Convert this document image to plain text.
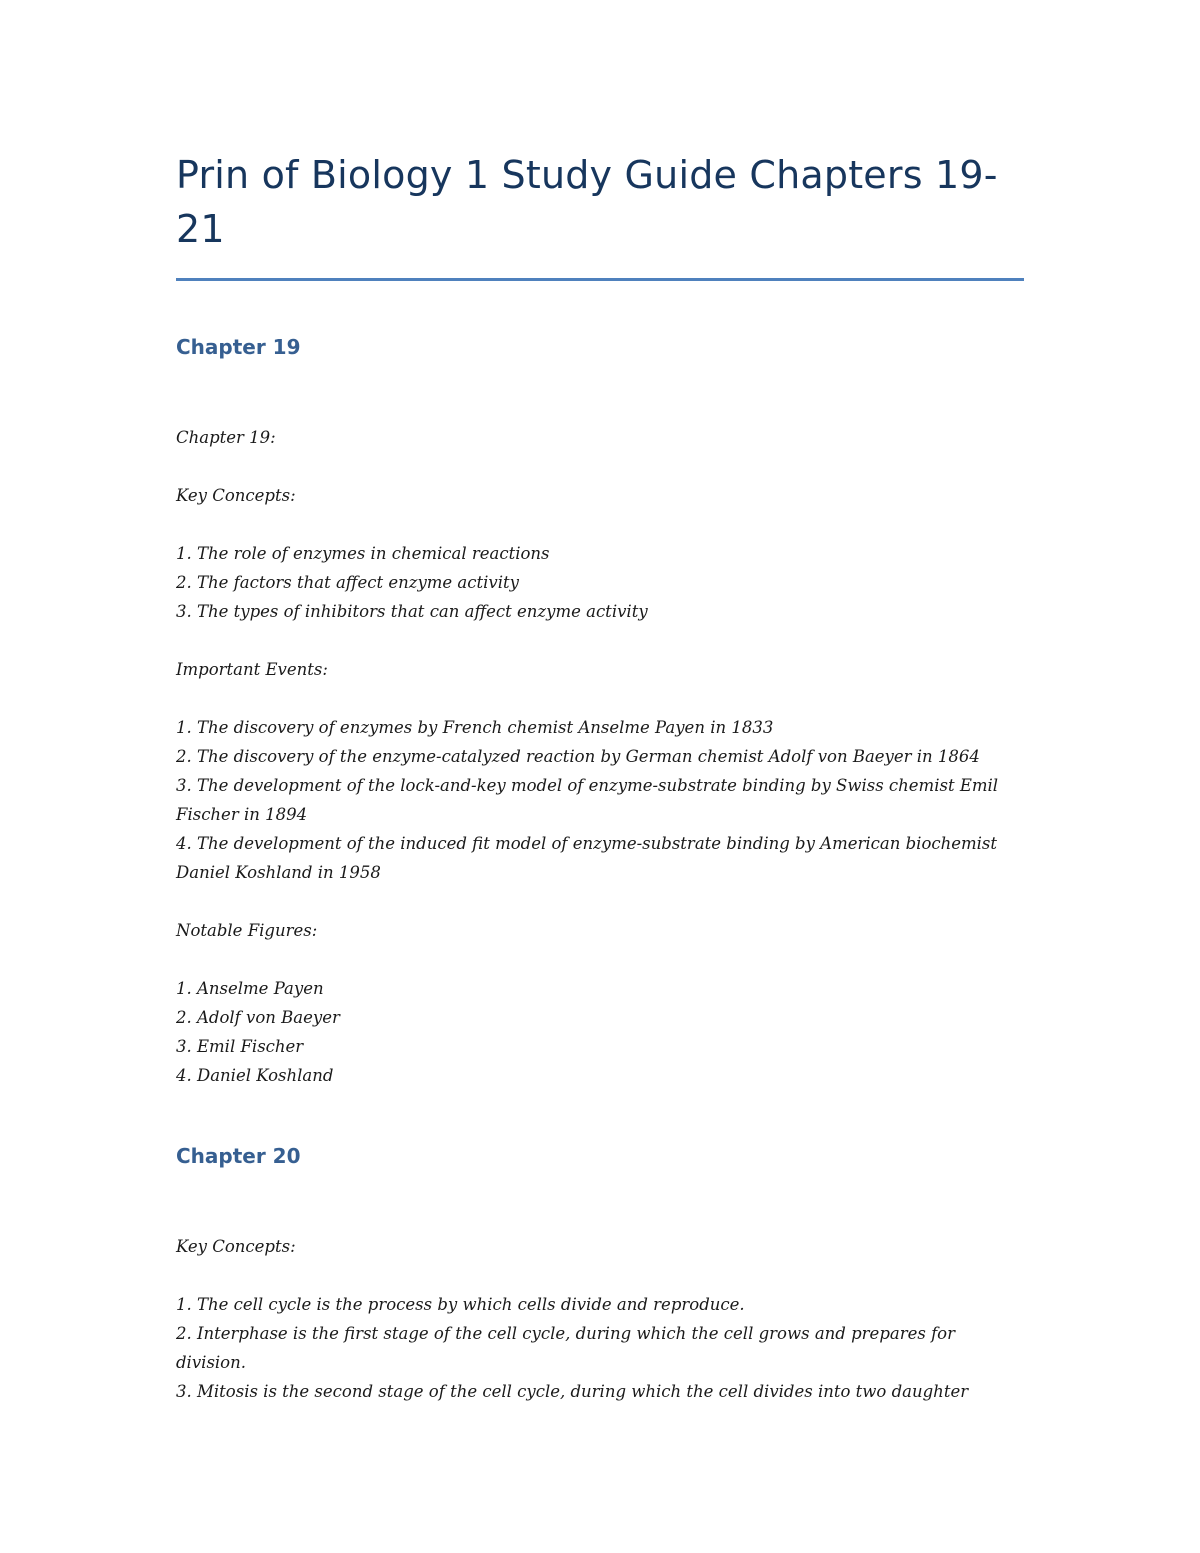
Prin of Biology 1 Study Guide Chapters 19-21
Chapter 19

Chapter 19:

Key Concepts:

1. The role of enzymes in chemical reactions
2. The factors that affect enzyme activity
3. The types of inhibitors that can affect enzyme activity

Important Events:

1. The discovery of enzymes by French chemist Anselme Payen in 1833
2. The discovery of the enzyme-catalyzed reaction by German chemist Adolf von Baeyer in 1864
3. The development of the lock-and-key model of enzyme-substrate binding by Swiss chemist Emil Fischer in 1894
4. The development of the induced fit model of enzyme-substrate binding by American biochemist Daniel Koshland in 1958

Notable Figures:

1. Anselme Payen
2. Adolf von Baeyer
3. Emil Fischer
4. Daniel Koshland
Chapter 20

Key Concepts:

1. The cell cycle is the process by which cells divide and reproduce.
2. Interphase is the first stage of the cell cycle, during which the cell grows and prepares for division.
3. Mitosis is the second stage of the cell cycle, during which the cell divides into two daughter
